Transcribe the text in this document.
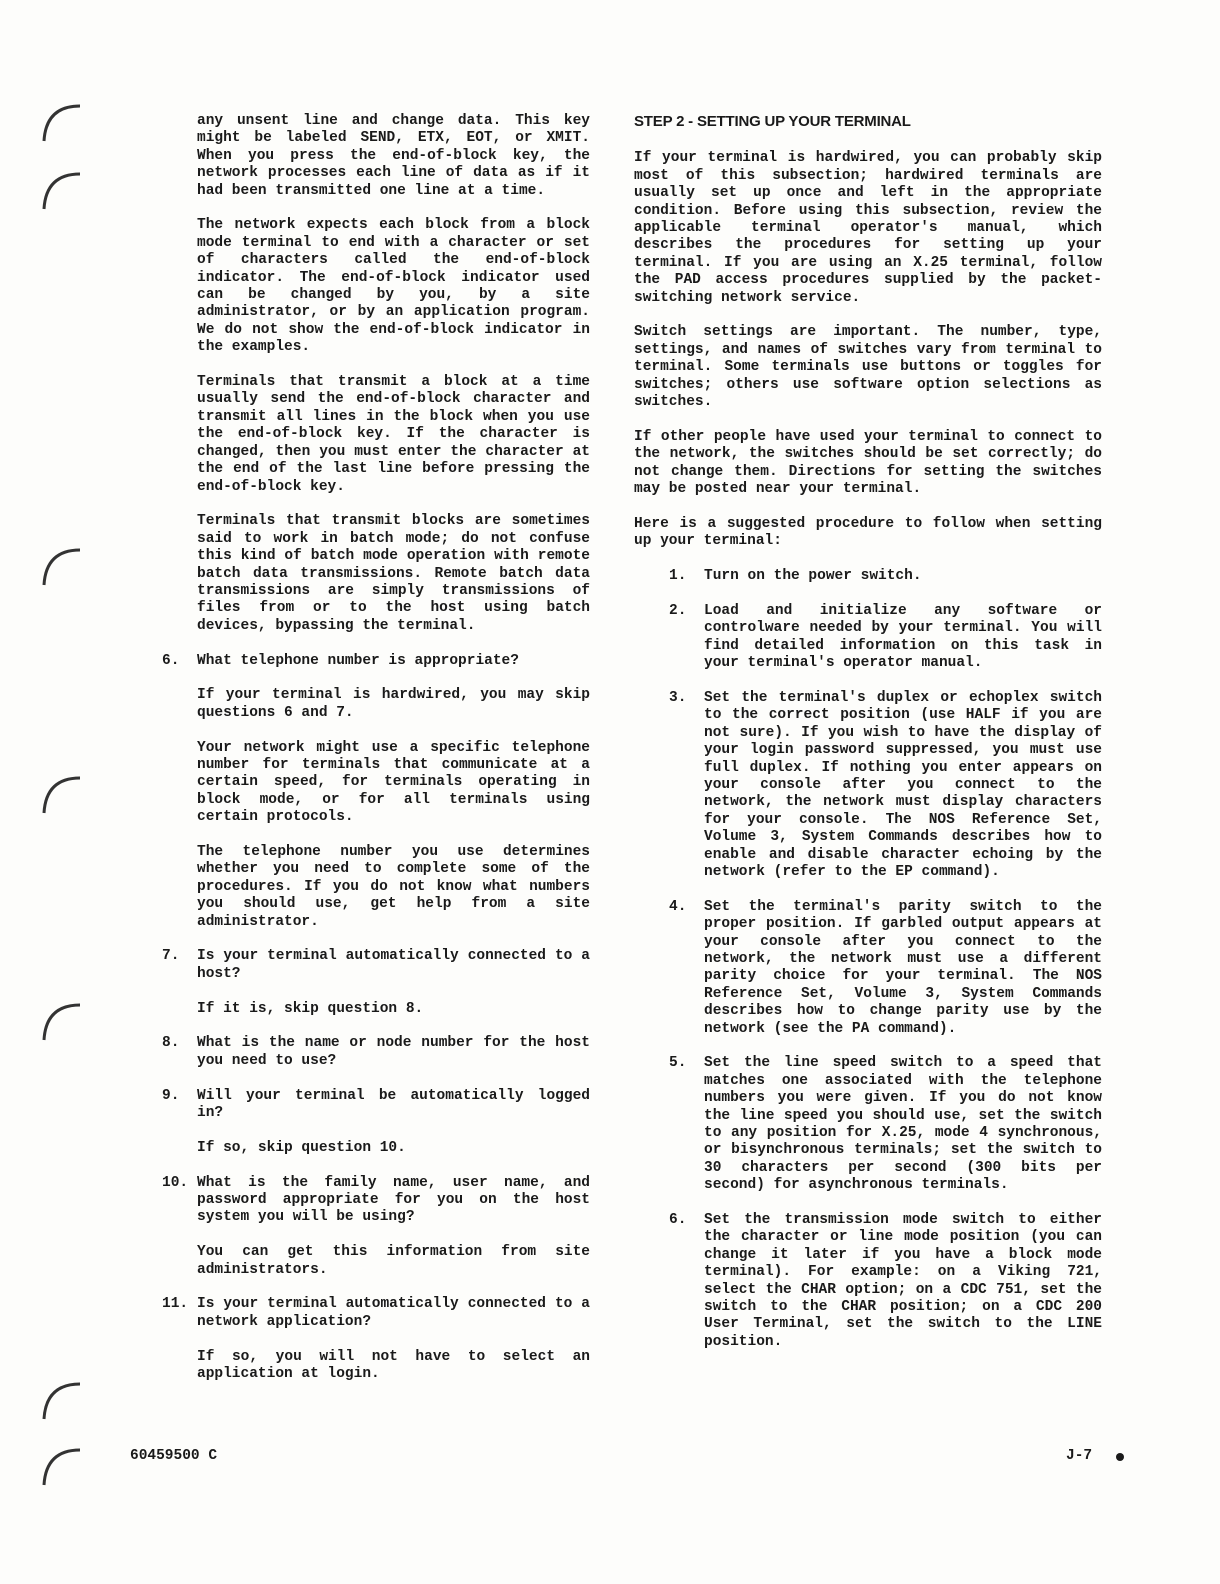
any unsent line and change data. This key might be labeled SEND, ETX, EOT, or XMIT. When you press the end-of-block key, the network processes each line of data as if it had been transmitted one line at a time.

The network expects each block from a block mode terminal to end with a character or set of characters called the end-of-block indicator. The end-of-block indicator used can be changed by you, by a site administrator, or by an application program. We do not show the end-of-block indicator in the examples.

Terminals that transmit a block at a time usually send the end-of-block character and transmit all lines in the block when you use the end-of-block key. If the character is changed, then you must enter the character at the end of the last line before pressing the end-of-block key.

Terminals that transmit blocks are sometimes said to work in batch mode; do not confuse this kind of batch mode operation with remote batch data transmissions. Remote batch data transmissions are simply transmissions of files from or to the host using batch devices, bypassing the terminal.

6.	What telephone number is appropriate?

If your terminal is hardwired, you may skip questions 6 and 7.

Your network might use a specific telephone number for terminals that communicate at a certain speed, for terminals operating in block mode, or for all terminals using certain protocols.

The telephone number you use determines whether you need to complete some of the procedures. If you do not know what numbers you should use, get help from a site administrator.

7.	Is your terminal automatically connected to a host?

If it is, skip question 8.

8.	What is the name or node number for the host you need to use?

9.	Will your terminal be automatically logged in?

If so, skip question 10.

10. What is the family name, user name, and password appropriate for you on the host system you will be using?

You can get this information from site administrators.

11. Is your terminal automatically connected to a network application?

If so, you will not have to select an application at login.

STEP 2 - SETTING UP YOUR TERMINAL

If your terminal is hardwired, you can probably skip most of this subsection; hardwired terminals are usually set up once and left in the appropriate condition. Before using this subsection, review the applicable terminal operator's manual, which describes the procedures for setting up your terminal. If you are using an X.25 terminal, follow the PAD access procedures supplied by the packet-switching network service.

Switch settings are important. The number, type, settings, and names of switches vary from terminal to terminal. Some terminals use buttons or toggles for switches; others use software option selections as switches.

If other people have used your terminal to connect to the network, the switches should be set correctly; do not change them. Directions for setting the switches may be posted near your terminal.

Here is a suggested procedure to follow when setting up your terminal:

1.	Turn on the power switch.
2.	Load and initialize any software or controlware needed by your terminal. You will find detailed information on this task in your terminal's operator manual.
3.	Set the terminal's duplex or echoplex switch to the correct position (use HALF if you are not sure). If you wish to have the display of your login password suppressed, you must use full duplex. If nothing you enter appears on your console after you connect to the network, the network must display characters for your console. The NOS Reference Set, Volume 3, System Commands describes how to enable and disable character echoing by the network (refer to the EP command).
4.	Set the terminal's parity switch to the proper position. If garbled output appears at your console after you connect to the network, the network must use a different parity choice for your terminal. The NOS Reference Set, Volume 3, System Commands describes how to change parity use by the network (see the PA command).
5.	Set the line speed switch to a speed that matches one associated with the telephone numbers you were given. If you do not know the line speed you should use, set the switch to any position for X.25, mode 4 synchronous, or bisynchronous terminals; set the switch to 30 characters per second (300 bits per second) for asynchronous terminals.
6.	Set the transmission mode switch to either the character or line mode position (you can change it later if you have a block mode terminal). For example: on a Viking 721, select the CHAR option; on a CDC 751, set the switch to the CHAR position; on a CDC 200 User Terminal, set the switch to the LINE position.
60459500 C	J-7
